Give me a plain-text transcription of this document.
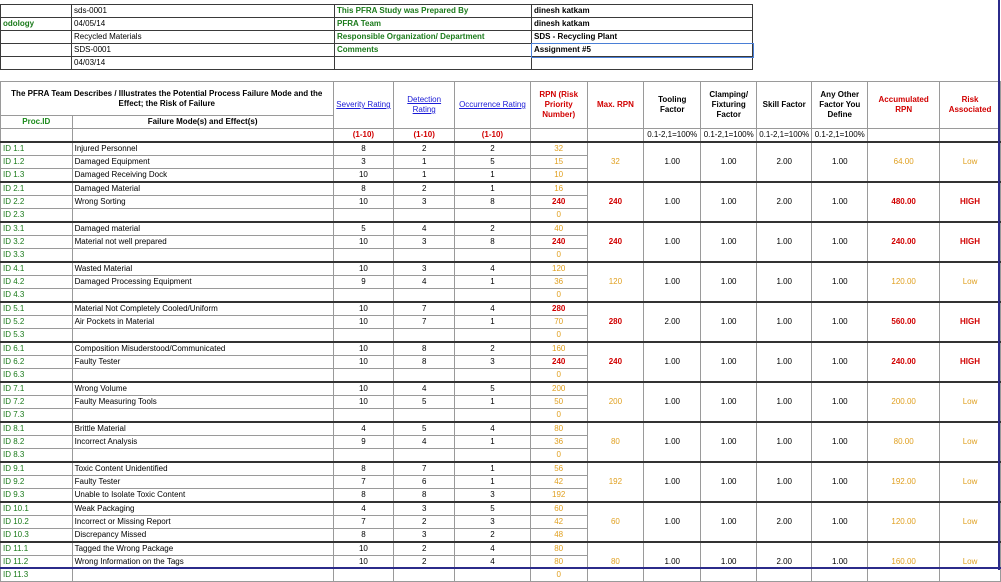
	sds-0001	This PFRA Study was Prepared By	dinesh katkam
odology	04/05/14	PFRA Team	dinesh katkam
	Recycled Materials	Responsible Organization/ Department	SDS - Recycling Plant
	SDS-0001	Comments	Assignment #5
	04/03/14		
The PFRA Team Describes / Illustrates the Potential Process Failure Mode and the Effect; the Risk of Failure		Severity Rating	Detection Rating	Occurrence Rating	RPN (Risk Priority Number)	Max. RPN	Tooling Factor	Clamping/ Fixturing Factor	Skill Factor	Any Other Factor You Define	Accumulated RPN	Risk Associated
Proc.ID	Failure Mode(s) and Effect(s)											
		(1-10)	(1-10)	(1-10)			0.1-2,1=100%	0.1-2,1=100%	0.1-2,1=100%	0.1-2,1=100%		
ID 1.1	Injured Personnel	8	2	2	32	32	1.00	1.00	2.00	1.00	64.00	Low
ID 1.2	Damaged Equipment	3	1	5	15							
ID 1.3	Damaged Receiving Dock	10	1	1	10							
ID 2.1	Damaged Material	8	2	1	16	240	1.00	1.00	2.00	1.00	480.00	HIGH
ID 2.2	Wrong Sorting	10	3	8	240							
ID 2.3					0							
ID 3.1	Damaged material	5	4	2	40	240	1.00	1.00	1.00	1.00	240.00	HIGH
ID 3.2	Material not well prepared	10	3	8	240							
ID 3.3					0							
ID 4.1	Wasted Material	10	3	4	120	120	1.00	1.00	1.00	1.00	120.00	Low
ID 4.2	Damaged Processing Equipment	9	4	1	36							
ID 4.3					0							
ID 5.1	Material Not Completely Cooled/Uniform	10	7	4	280	280	2.00	1.00	1.00	1.00	560.00	HIGH
ID 5.2	Air Pockets in Material	10	7	1	70							
ID 5.3					0							
ID 6.1	Composition Misuderstood/Communicated	10	8	2	160	240	1.00	1.00	1.00	1.00	240.00	HIGH
ID 6.2	Faulty Tester	10	8	3	240							
ID 6.3					0							
ID 7.1	Wrong Volume	10	4	5	200	200	1.00	1.00	1.00	1.00	200.00	Low
ID 7.2	Faulty Measuring Tools	10	5	1	50							
ID 7.3					0							
ID 8.1	Brittle Material	4	5	4	80	80	1.00	1.00	1.00	1.00	80.00	Low
ID 8.2	Incorrect Analysis	9	4	1	36							
ID 8.3					0							
ID 9.1	Toxic Content Unidentified	8	7	1	56	192	1.00	1.00	1.00	1.00	192.00	Low
ID 9.2	Faulty Tester	7	6	1	42							
ID 9.3	Unable to Isolate Toxic Content	8	8	3	192							
ID 10.1	Weak Packaging	4	3	5	60	60	1.00	1.00	2.00	1.00	120.00	Low
ID 10.2	Incorrect or Missing Report	7	2	3	42							
ID 10.3	Discrepancy Missed	8	3	2	48							
ID 11.1	Tagged the Wrong Package	10	2	4	80	80	1.00	1.00	2.00	1.00	160.00	Low
ID 11.2	Wrong Information on the Tags	10	2	4	80							
ID 11.3					0							
